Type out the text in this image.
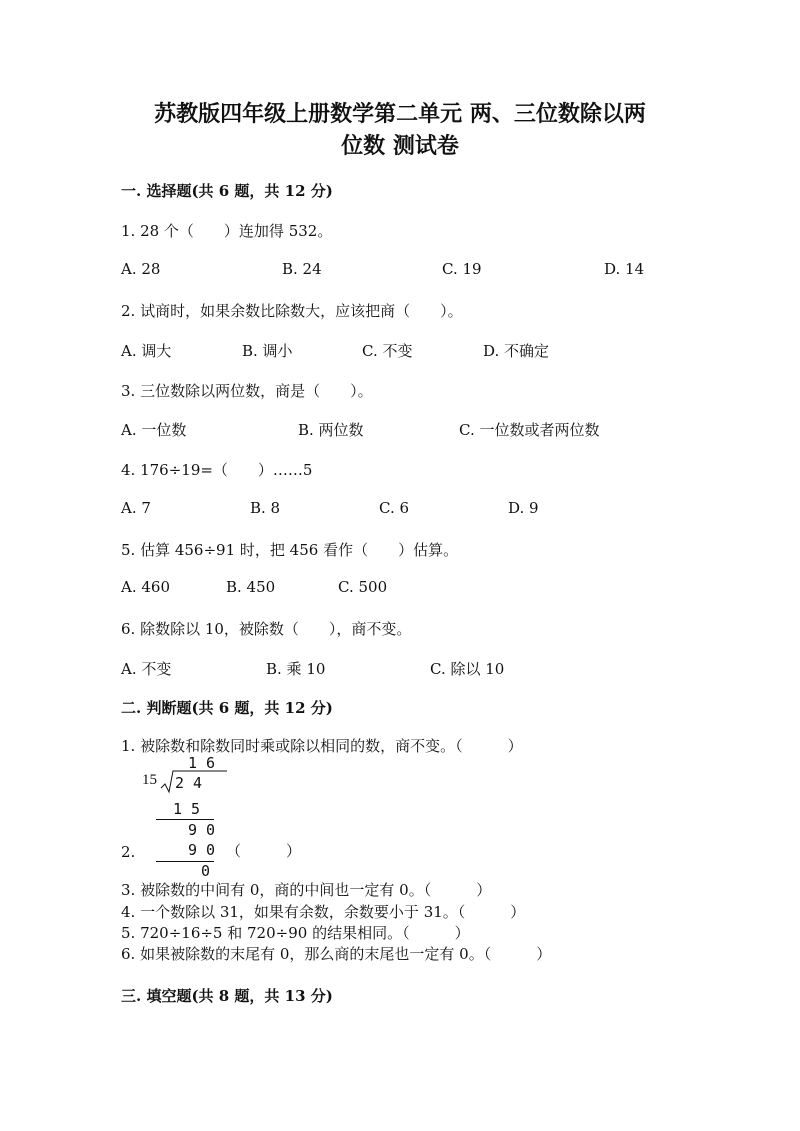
苏教版四年级上册数学第二单元 两、三位数除以两
位数 测试卷
一. 选择题(共 6 题，共 12 分)
1. 28 个（　　）连加得 532。
A. 28	B. 24	C. 19	D. 14
2. 试商时，如果余数比除数大，应该把商（　　）。
A. 调大	B. 调小	C. 不变	D. 不确定
3. 三位数除以两位数，商是（　　）。
A. 一位数	B. 两位数	C. 一位数或者两位数
4. 176÷19=（　　）……5
A. 7	B. 8	C. 6	D. 9
5. 估算 456÷91 时，把 456 看作（　　）估算。
A. 460	B. 450	C. 500
6. 除数除以 10，被除数（　　），商不变。
A. 不变	B. 乘 10	C. 除以 10
二. 判断题(共 6 题，共 12 分)
1. 被除数和除数同时乘或除以相同的数，商不变。（　　　）
1 6
15 2 4
1 5
9 0
9 0
0
2.	（　　　）
3. 被除数的中间有 0，商的中间也一定有 0。（　　　）
4. 一个数除以 31，如果有余数，余数要小于 31。（　　　）
5. 720÷16÷5 和 720÷90 的结果相同。（　　　）
6. 如果被除数的末尾有 0，那么商的末尾也一定有 0。（　　　）
三. 填空题(共 8 题，共 13 分)
